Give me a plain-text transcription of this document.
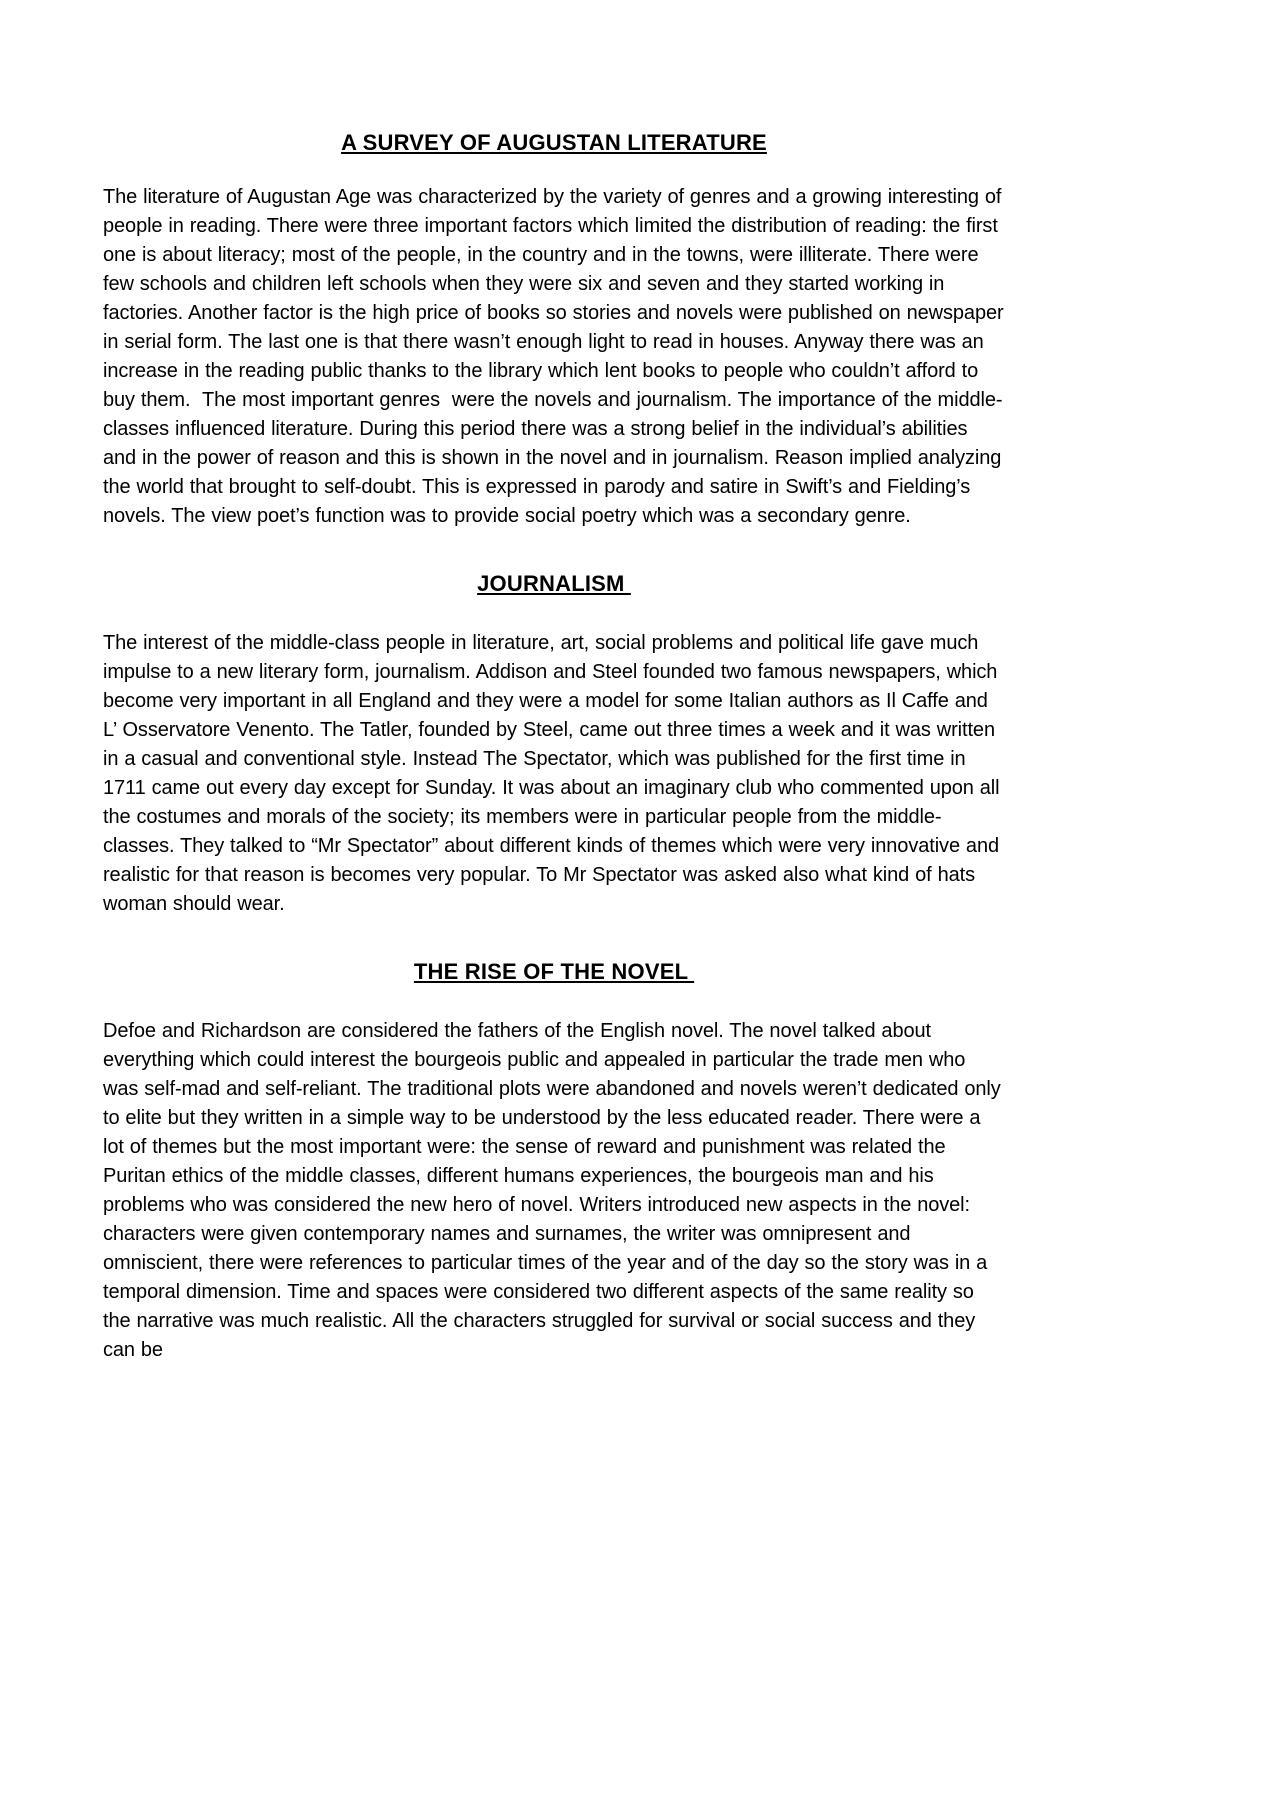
A SURVEY OF AUGUSTAN LITERATURE

The literature of Augustan Age was characterized by the variety of genres and a growing interesting of people in reading. There were three important factors which limited the distribution of reading: the first one is about literacy; most of the people, in the country and in the towns, were illiterate. There were few schools and children left schools when they were six and seven and they started working in factories. Another factor is the high price of books so stories and novels were published on newspaper in serial form. The last one is that there wasn’t enough light to read in houses. Anyway there was an increase in the reading public thanks to the library which lent books to people who couldn’t afford to buy them.  The most important genres  were the novels and journalism. The importance of the middle-classes influenced literature. During this period there was a strong belief in the individual’s abilities and in the power of reason and this is shown in the novel and in journalism. Reason implied analyzing the world that brought to self-doubt. This is expressed in parody and satire in Swift’s and Fielding’s novels. The view poet’s function was to provide social poetry which was a secondary genre.

JOURNALISM

The interest of the middle-class people in literature, art, social problems and political life gave much impulse to a new literary form, journalism. Addison and Steel founded two famous newspapers, which become very important in all England and they were a model for some Italian authors as Il Caffe and L’ Osservatore Venento. The Tatler, founded by Steel, came out three times a week and it was written in a casual and conventional style. Instead The Spectator, which was published for the first time in 1711 came out every day except for Sunday. It was about an imaginary club who commented upon all the costumes and morals of the society; its members were in particular people from the middle-classes. They talked to “Mr Spectator” about different kinds of themes which were very innovative and realistic for that reason is becomes very popular. To Mr Spectator was asked also what kind of hats woman should wear.

THE RISE OF THE NOVEL

Defoe and Richardson are considered the fathers of the English novel. The novel talked about everything which could interest the bourgeois public and appealed in particular the trade men who was self-mad and self-reliant. The traditional plots were abandoned and novels weren’t dedicated only to elite but they written in a simple way to be understood by the less educated reader. There were a lot of themes but the most important were: the sense of reward and punishment was related the Puritan ethics of the middle classes, different humans experiences, the bourgeois man and his problems who was considered the new hero of novel. Writers introduced new aspects in the novel: characters were given contemporary names and surnames, the writer was omnipresent and omniscient, there were references to particular times of the year and of the day so the story was in a temporal dimension. Time and spaces were considered two different aspects of the same reality so the narrative was much realistic. All the characters struggled for survival or social success and they can be
